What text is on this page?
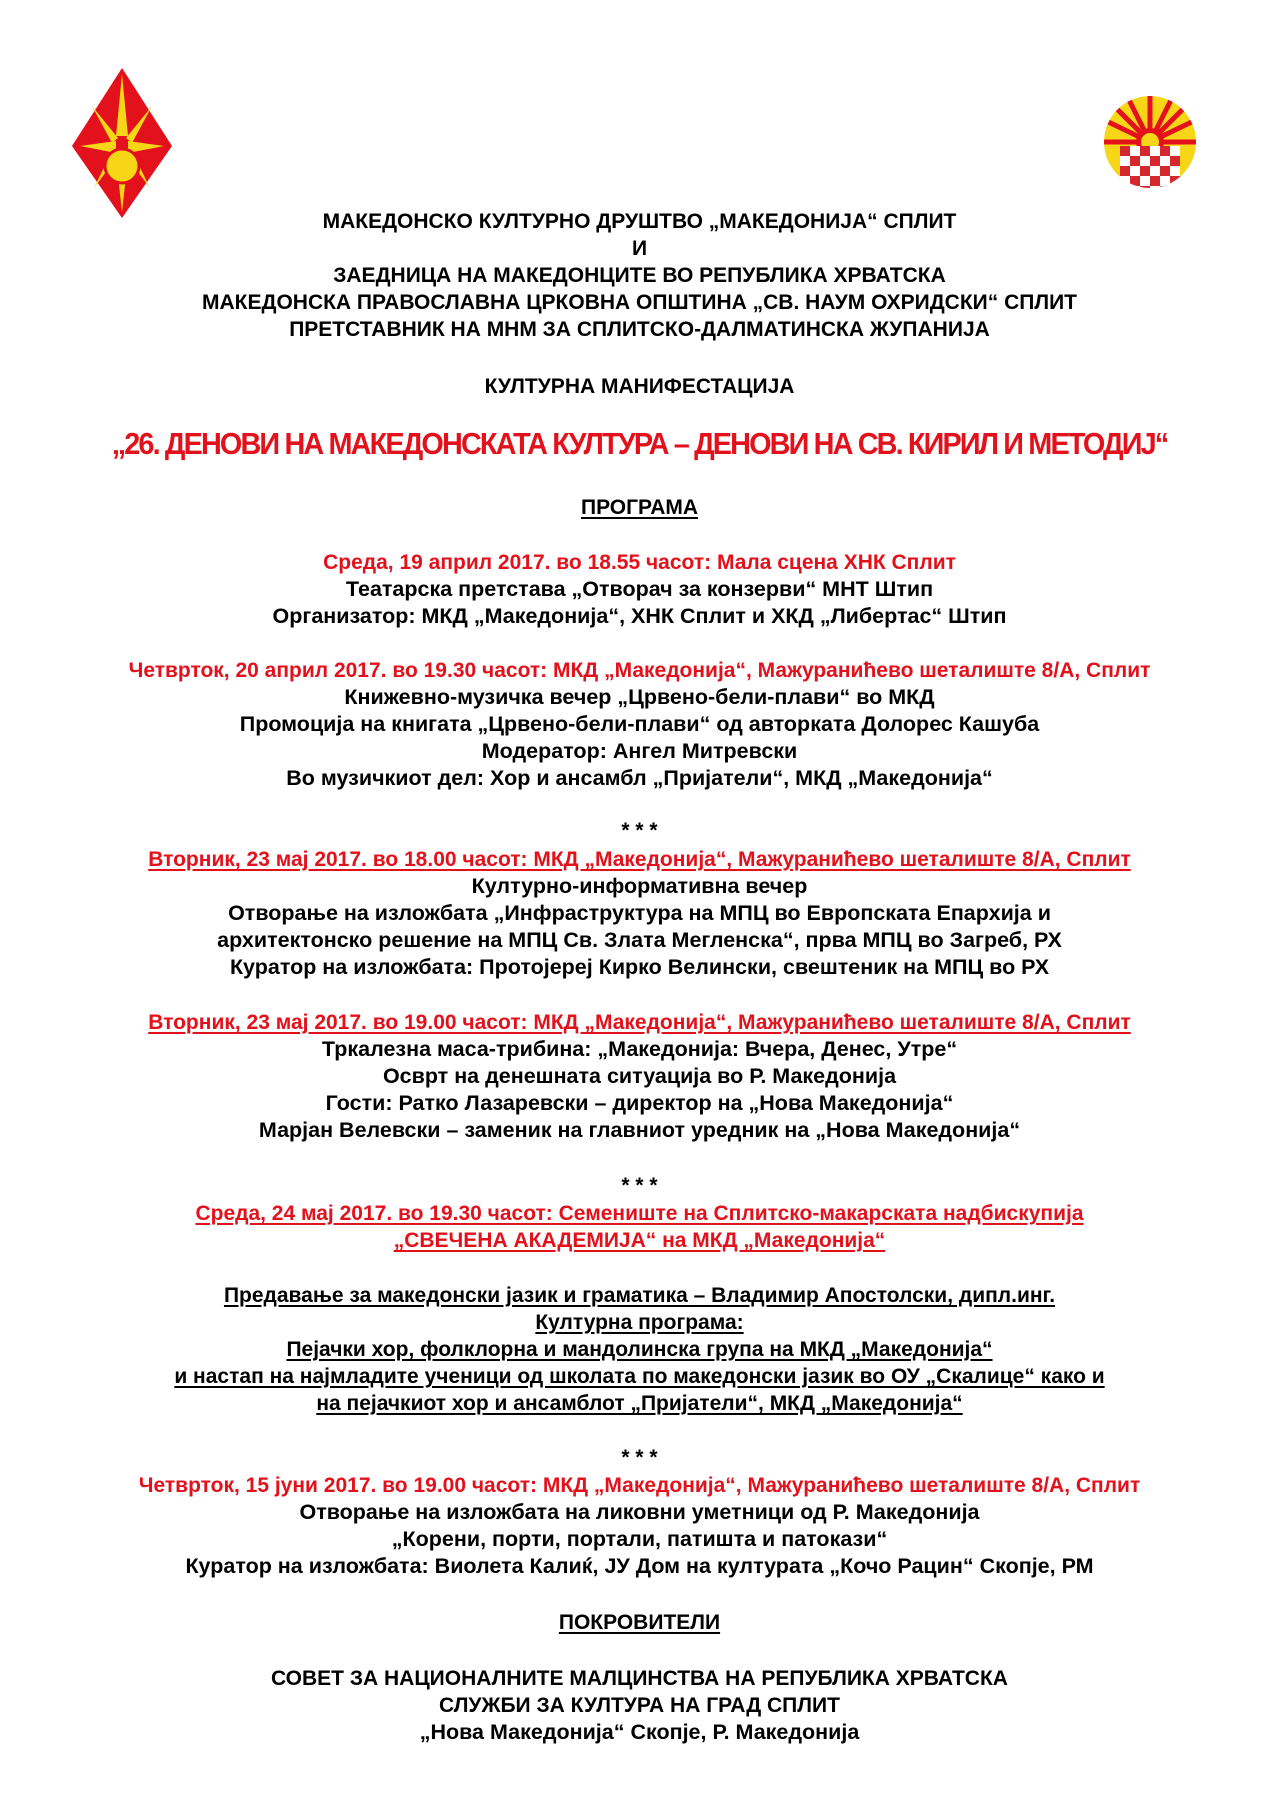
МАКЕДОНСКО КУЛТУРНО ДРУШТВО „МАКЕДОНИЈА“ СПЛИТ
И
ЗАЕДНИЦА НА МАКЕДОНЦИТЕ ВО РЕПУБЛИКА ХРВАТСКА
МАКЕДОНСКА ПРАВОСЛАВНА ЦРКОВНА ОПШТИНА „СВ. НАУМ ОХРИДСКИ“ СПЛИТ
ПРЕТСТАВНИК НА МНМ ЗА СПЛИТСКО-ДАЛМАТИНСКА ЖУПАНИЈА
КУЛТУРНА МАНИФЕСТАЦИЈА
„26. ДЕНОВИ НА МАКЕДОНСКАТА КУЛТУРА – ДЕНОВИ НА СВ. КИРИЛ И МЕТОДИЈ“
ПРОГРАМА
Среда, 19 април 2017. во 18.55 часот: Мала сцена ХНК Сплит
Театарска претстава „Отворач за конзерви“ МНТ Штип
Организатор: МКД „Македонија“, ХНК Сплит и ХКД „Либертас“ Штип
Четврток, 20 април 2017. во 19.30 часот: МКД „Македонија“, Мажуранићево шеталиште 8/А, Сплит
Книжевно-музичка вечер „Црвено-бели-плави“ во МКД
Промоција на книгата „Црвено-бели-плави“ од авторката Долорес Кашуба
Модератор: Ангел Митревски
Во музичкиот дел: Хор и ансамбл „Пријатели“, МКД „Македонија“
* * *
Вторник, 23 мај 2017. во 18.00 часот: МКД „Македонија“, Мажуранићево шеталиште 8/А, Сплит
Културно-информативна вечер
Отворање на изложбата „Инфраструктура на МПЦ во Европската Епархија и
архитектонско решение на МПЦ Св. Злата Мегленска“, прва МПЦ во Загреб, РХ
Куратор на изложбата: Протојереј Кирко Велински, свештеник на МПЦ во РХ
Вторник, 23 мај 2017. во 19.00 часот: МКД „Македонија“, Мажуранићево шеталиште 8/А, Сплит
Тркалезна маса-трибина: „Македонија: Вчера, Денес, Утре“
Осврт на денешната ситуација во Р. Македонија
Гости: Ратко Лазаревски – директор на „Нова Македонија“
Марјан Велевски – заменик на главниот уредник на „Нова Македонија“
* * *
Среда, 24 мај 2017. во 19.30 часот: Семениште на Сплитско-макарската надбискупија
„СВЕЧЕНА АКАДЕМИЈА“ на МКД „Македонија“
Предавање за македонски јазик и граматика – Владимир Апостолски, дипл.инг.
Културна програма:
Пејачки хор, фолклорна и мандолинска група на МКД „Македонија“
и настап на најмладите ученици од школата по македонски јазик во ОУ „Скалице“ како и
на пејачкиот хор и ансамблот „Пријатели“, МКД „Македонија“
* * *
Четврток, 15 јуни 2017. во 19.00 часот: МКД „Македонија“, Мажуранићево шеталиште 8/А, Сплит
Отворање на изложбата на ликовни уметници од Р. Македонија
„Корени, порти, портали, патишта и патокази“
Куратор на изложбата: Виолета Калиќ, ЈУ Дом на културата „Кочо Рацин“ Скопје, РМ
ПОКРОВИТЕЛИ
СОВЕТ ЗА НАЦИОНАЛНИТЕ МАЛЦИНСТВА НА РЕПУБЛИКА ХРВАТСКА
СЛУЖБИ ЗА КУЛТУРА НА ГРАД СПЛИТ
„Нова Македонија“ Скопје, Р. Македонија
